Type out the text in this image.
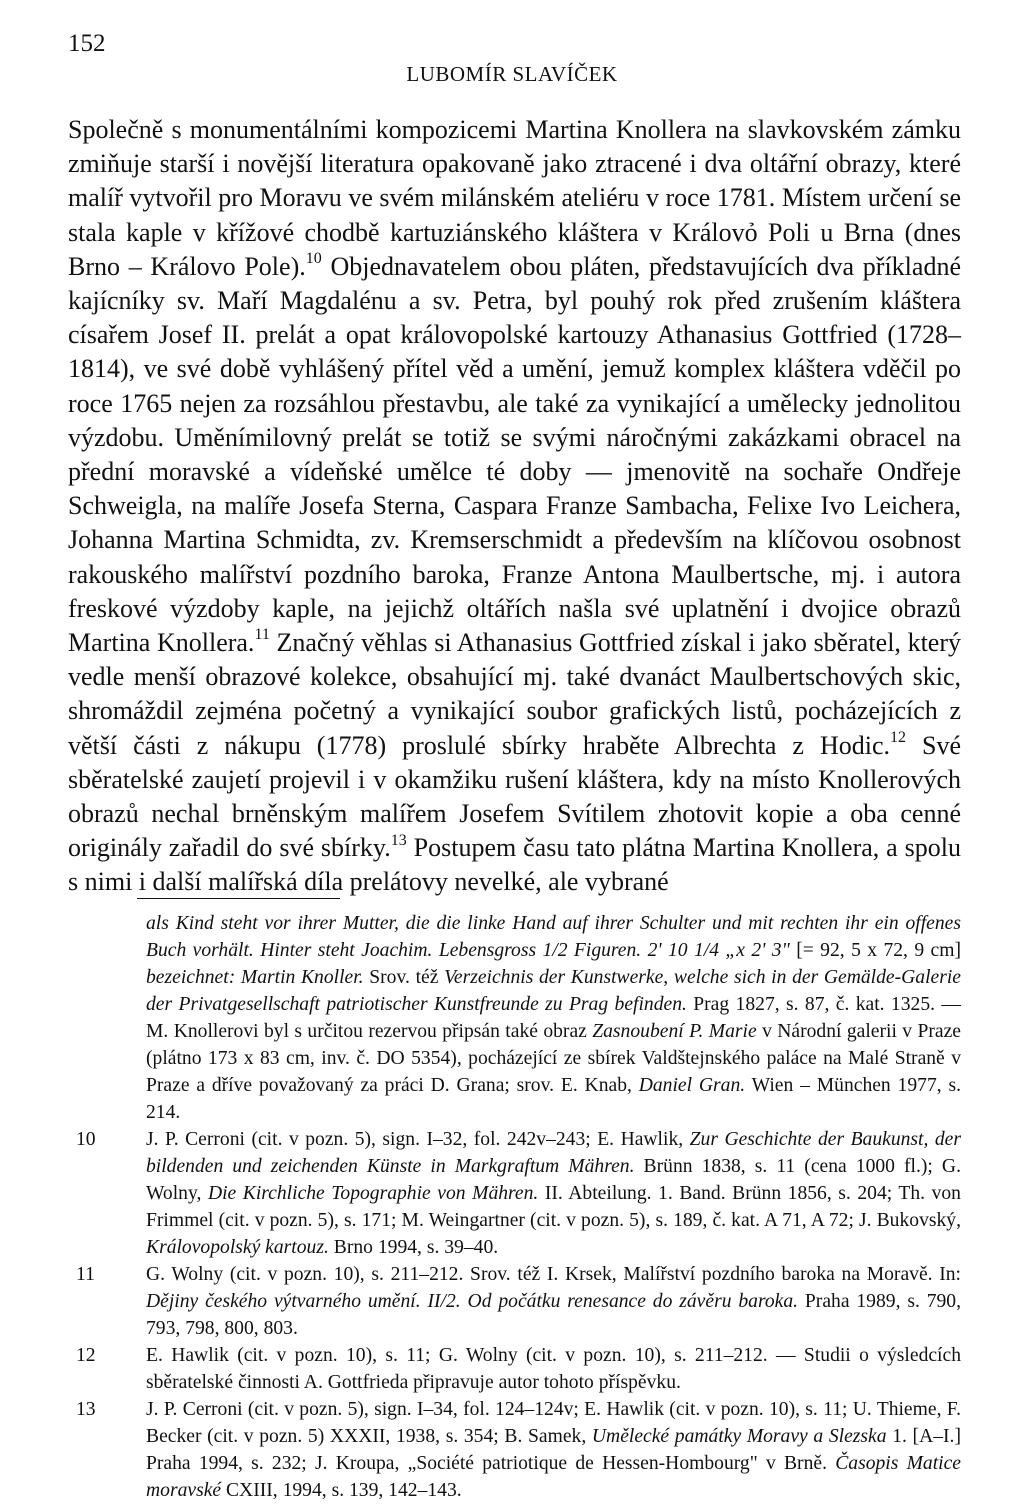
152
LUBOMÍR SLAVÍČEK

Společně s monumentálními kompozicemi Martina Knollera na slavkovském zámku zmiňuje starší i novější literatura opakovaně jako ztracené i dva oltářní obrazy, které malíř vytvořil pro Moravu ve svém milánském ateliéru v roce 1781. Místem určení se stala kaple v křížové chodbě kartuziánského kláštera v Královỏ Poli u Brna (dnes Brno – Královo Pole).$^{10}$ Objednavatelem obou pláten, představujících dva příkladné kajícníky sv. Maří Magdalénu a sv. Petra, byl pouhý rok před zrušením kláštera císařem Josef II. prelát a opat královopolské kartouzy Athanasius Gottfried (1728–1814), ve své době vyhlášený přítel věd a umění, jemuž komplex kláštera vděčil po roce 1765 nejen za rozsáhlou přestavbu, ale také za vynikající a umělecky jednolitou výzdobu. Uměnímilovný prelát se totiž se svými náročnými zakázkami obracel na přední moravské a vídeňské umělce té doby — jmenovitě na sochaře Ondřeje Schweigla, na malíře Josefa Sterna, Caspara Franze Sambacha, Felixe Ivo Leichera, Johanna Martina Schmidta, zv. Kremserschmidt a především na klíčovou osobnost rakouského malířství pozdního baroka, Franze Antona Maulbertsche, mj. i autora freskové výzdoby kaple, na jejichž oltářích našla své uplatnění i dvojice obrazů Martina Knollera.$^{11}$ Značný věhlas si Athanasius Gottfried získal i jako sběratel, který vedle menší obrazové kolekce, obsahující mj. také dvanáct Maulbertschových skic, shromáždil zejména početný a vynikající soubor grafických listů, pocházejících z větší části z nákupu (1778) proslulé sbírky hraběte Albrechta z Hodic.$^{12}$ Své sběratelské zaujetí projevil i v okamžiku rušení kláštera, kdy na místo Knollerových obrazů nechal brněnským malířem Josefem Svítilem zhotovit kopie a oba cenné originály zařadil do své sbírky.$^{13}$ Postupem času tato plátna Martina Knollera, a spolu s nimi i další malířská díla prelátovy nevelké, ale vybrané

als Kind steht vor ihrer Mutter, die die linke Hand auf ihrer Schulter und mit rechten ihr ein offenes Buch vorhält. Hinter steht Joachim. Lebensgross 1/2 Figuren. 2' 10 1/4 „x 2' 3" [= 92, 5 x 72, 9 cm] bezeichnet: Martin Knoller. Srov. též Verzeichnis der Kunstwerke, welche sich in der Gemälde-Galerie der Privatgesellschaft patriotischer Kunstfreunde zu Prag befinden. Prag 1827, s. 87, č. kat. 1325. — M. Knollerovi byl s určitou rezervou připsán také obraz Zasnoubení P. Marie v Národní galerii v Praze (plátno 173 x 83 cm, inv. č. DO 5354), pocházející ze sbírek Valdštejnského paláce na Malé Straně v Praze a dříve považovaný za práci D. Grana; srov. E. Knab, Daniel Gran. Wien – München 1977, s. 214.

10	J. P. Cerroni (cit. v pozn. 5), sign. I–32, fol. 242v–243; E. Hawlik, Zur Geschichte der Baukunst, der bildenden und zeichenden Künste in Markgraftum Mähren. Brünn 1838, s. 11 (cena 1000 fl.); G. Wolny, Die Kirchliche Topographie von Mähren. II. Abteilung. 1. Band. Brünn 1856, s. 204; Th. von Frimmel (cit. v pozn. 5), s. 171; M. Weingartner (cit. v pozn. 5), s. 189, č. kat. A 71, A 72; J. Bukovský, Královopolský kartouz. Brno 1994, s. 39–40.

11	G. Wolny (cit. v pozn. 10), s. 211–212. Srov. též I. Krsek, Malířství pozdního baroka na Moravě. In: Dějiny českého výtvarného umění. II/2. Od počátku renesance do závěru baroka. Praha 1989, s. 790, 793, 798, 800, 803.

12	E. Hawlik (cit. v pozn. 10), s. 11; G. Wolny (cit. v pozn. 10), s. 211–212. — Studii o výsledcích sběratelské činnosti A. Gottfrieda připravuje autor tohoto příspěvku.

13	J. P. Cerroni (cit. v pozn. 5), sign. I–34, fol. 124–124v; E. Hawlik (cit. v pozn. 10), s. 11; U. Thieme, F. Becker (cit. v pozn. 5) XXXII, 1938, s. 354; B. Samek, Umělecké památky Moravy a Slezska 1. [A–I.] Praha 1994, s. 232; J. Kroupa, „Société patriotique de Hessen-Hombourg" v Brně. Časopis Matice moravské CXIII, 1994, s. 139, 142–143.
